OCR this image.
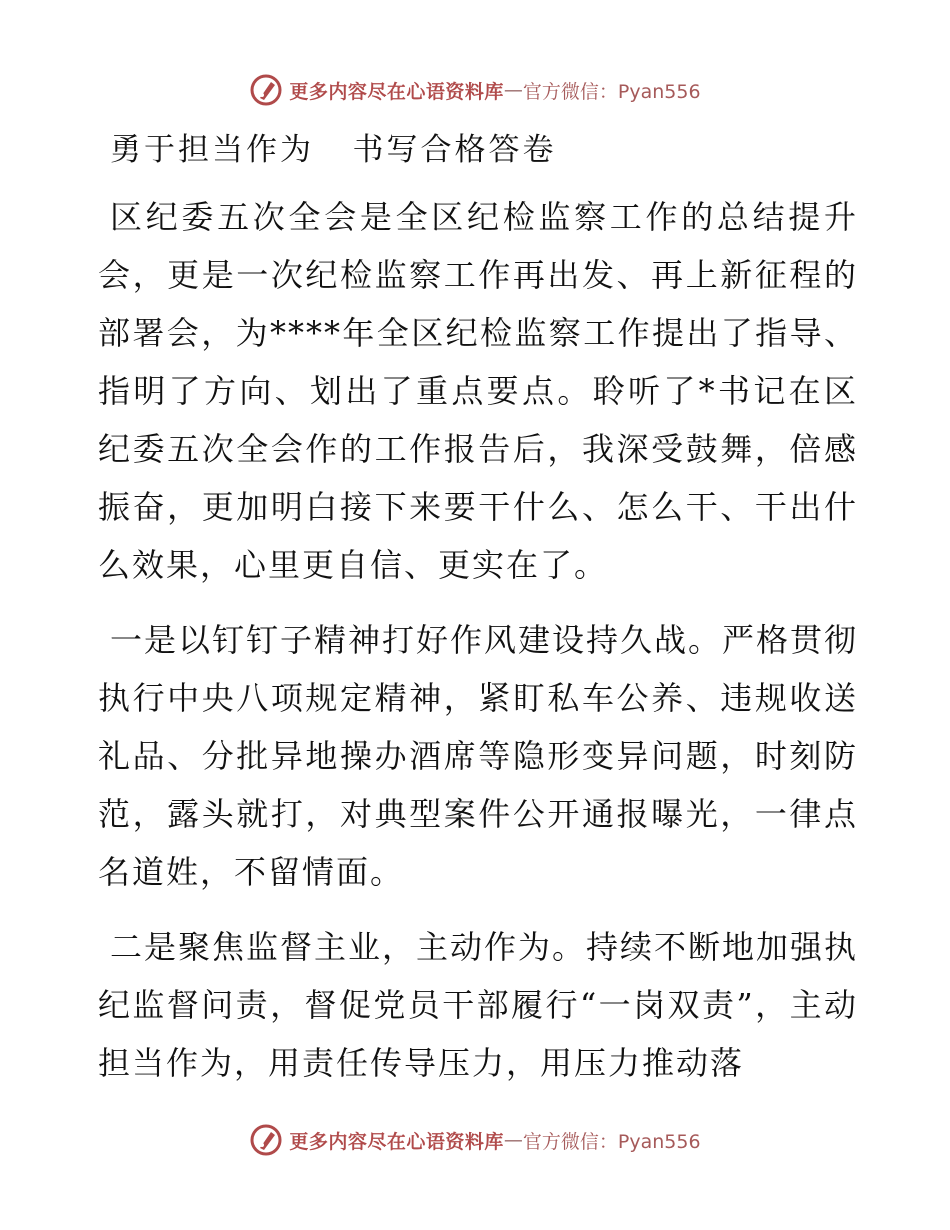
更多内容尽在心语资料库 — 官方微信：Pyan556
勇于担当作为   书写合格答卷

区纪委五次全会是全区纪检监察工作的总结提升会，更是一次纪检监察工作再出发、再上新征程的部署会，为****年全区纪检监察工作提出了指导、指明了方向、划出了重点要点。聆听了*书记在区纪委五次全会作的工作报告后，我深受鼓舞，倍感振奋，更加明白接下来要干什么、怎么干、干出什么效果，心里更自信、更实在了。

一是以钉钉子精神打好作风建设持久战。严格贯彻执行中央八项规定精神，紧盯私车公养、违规收送礼品、分批异地操办酒席等隐形变异问题，时刻防范，露头就打，对典型案件公开通报曝光，一律点名道姓，不留情面。

二是聚焦监督主业，主动作为。持续不断地加强执纪监督问责，督促党员干部履行“一岗双责”，主动担当作为，用责任传导压力，用压力推动落

更多内容尽在心语资料库 — 官方微信：Pyan556
